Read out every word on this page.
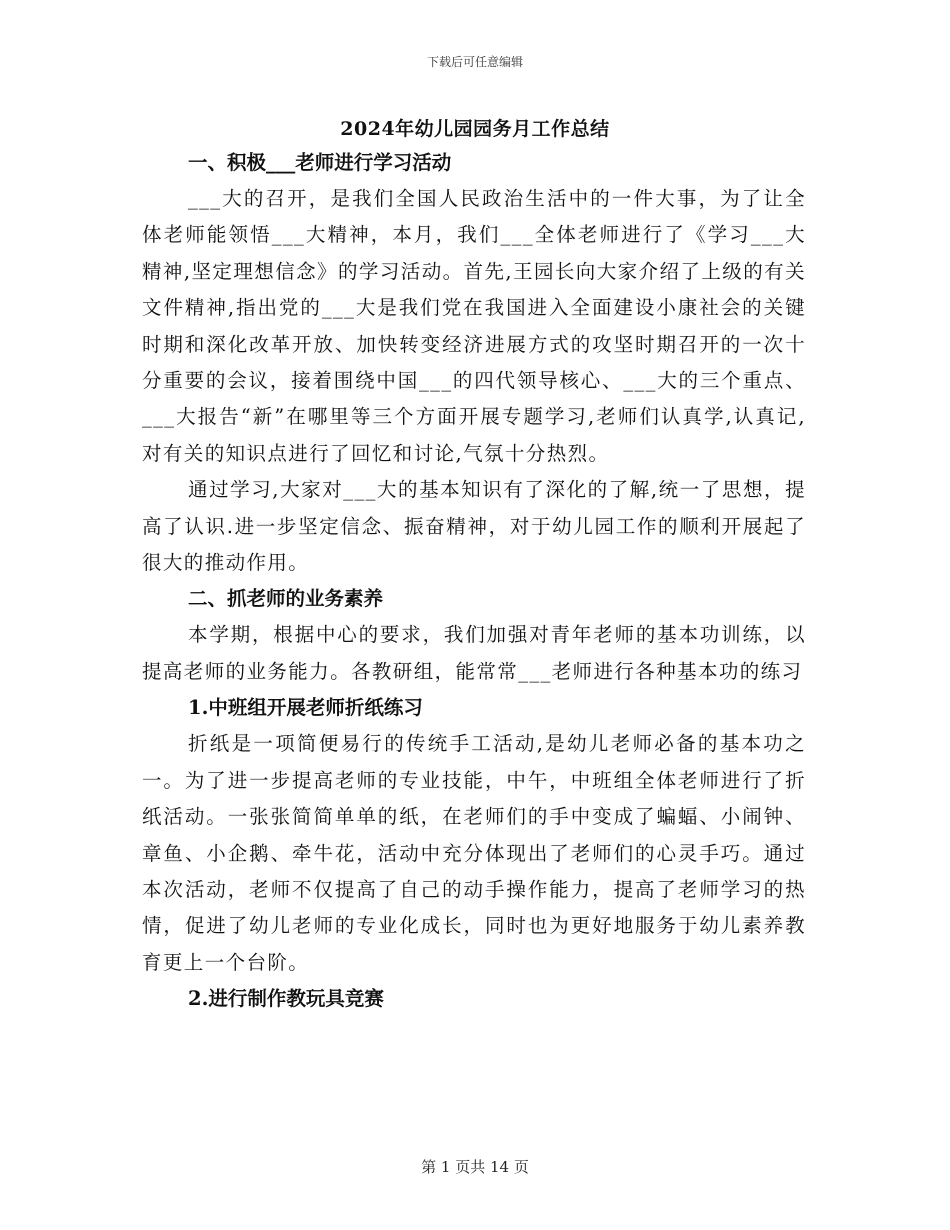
下载后可任意编辑
2024年幼儿园园务月工作总结
一、积极___老师进行学习活动

___大的召开，是我们全国人民政治生活中的一件大事，为了让全体老师能领悟___大精神，本月，我们___全体老师进行了《学习___大精神,坚定理想信念》的学习活动。首先,王园长向大家介绍了上级的有关文件精神,指出党的___大是我们党在我国进入全面建设小康社会的关键时期和深化改革开放、加快转变经济进展方式的攻坚时期召开的一次十分重要的会议，接着围绕中国___的四代领导核心、___大的三个重点、___大报告“新”在哪里等三个方面开展专题学习,老师们认真学,认真记,对有关的知识点进行了回忆和讨论,气氛十分热烈。

通过学习,大家对___大的基本知识有了深化的了解,统一了思想，提高了认识.进一步坚定信念、振奋精神，对于幼儿园工作的顺利开展起了很大的推动作用。

二、抓老师的业务素养

本学期，根据中心的要求，我们加强对青年老师的基本功训练，以提高老师的业务能力。各教研组，能常常___老师进行各种基本功的练习

1.中班组开展老师折纸练习

折纸是一项简便易行的传统手工活动,是幼儿老师必备的基本功之一。为了进一步提高老师的专业技能，中午，中班组全体老师进行了折纸活动。一张张简简单单的纸，在老师们的手中变成了蝙蝠、小闹钟、章鱼、小企鹅、牵牛花，活动中充分体现出了老师们的心灵手巧。通过本次活动，老师不仅提高了自己的动手操作能力，提高了老师学习的热情，促进了幼儿老师的专业化成长，同时也为更好地服务于幼儿素养教育更上一个台阶。

2.进行制作教玩具竞赛
第 1 页共 14 页
